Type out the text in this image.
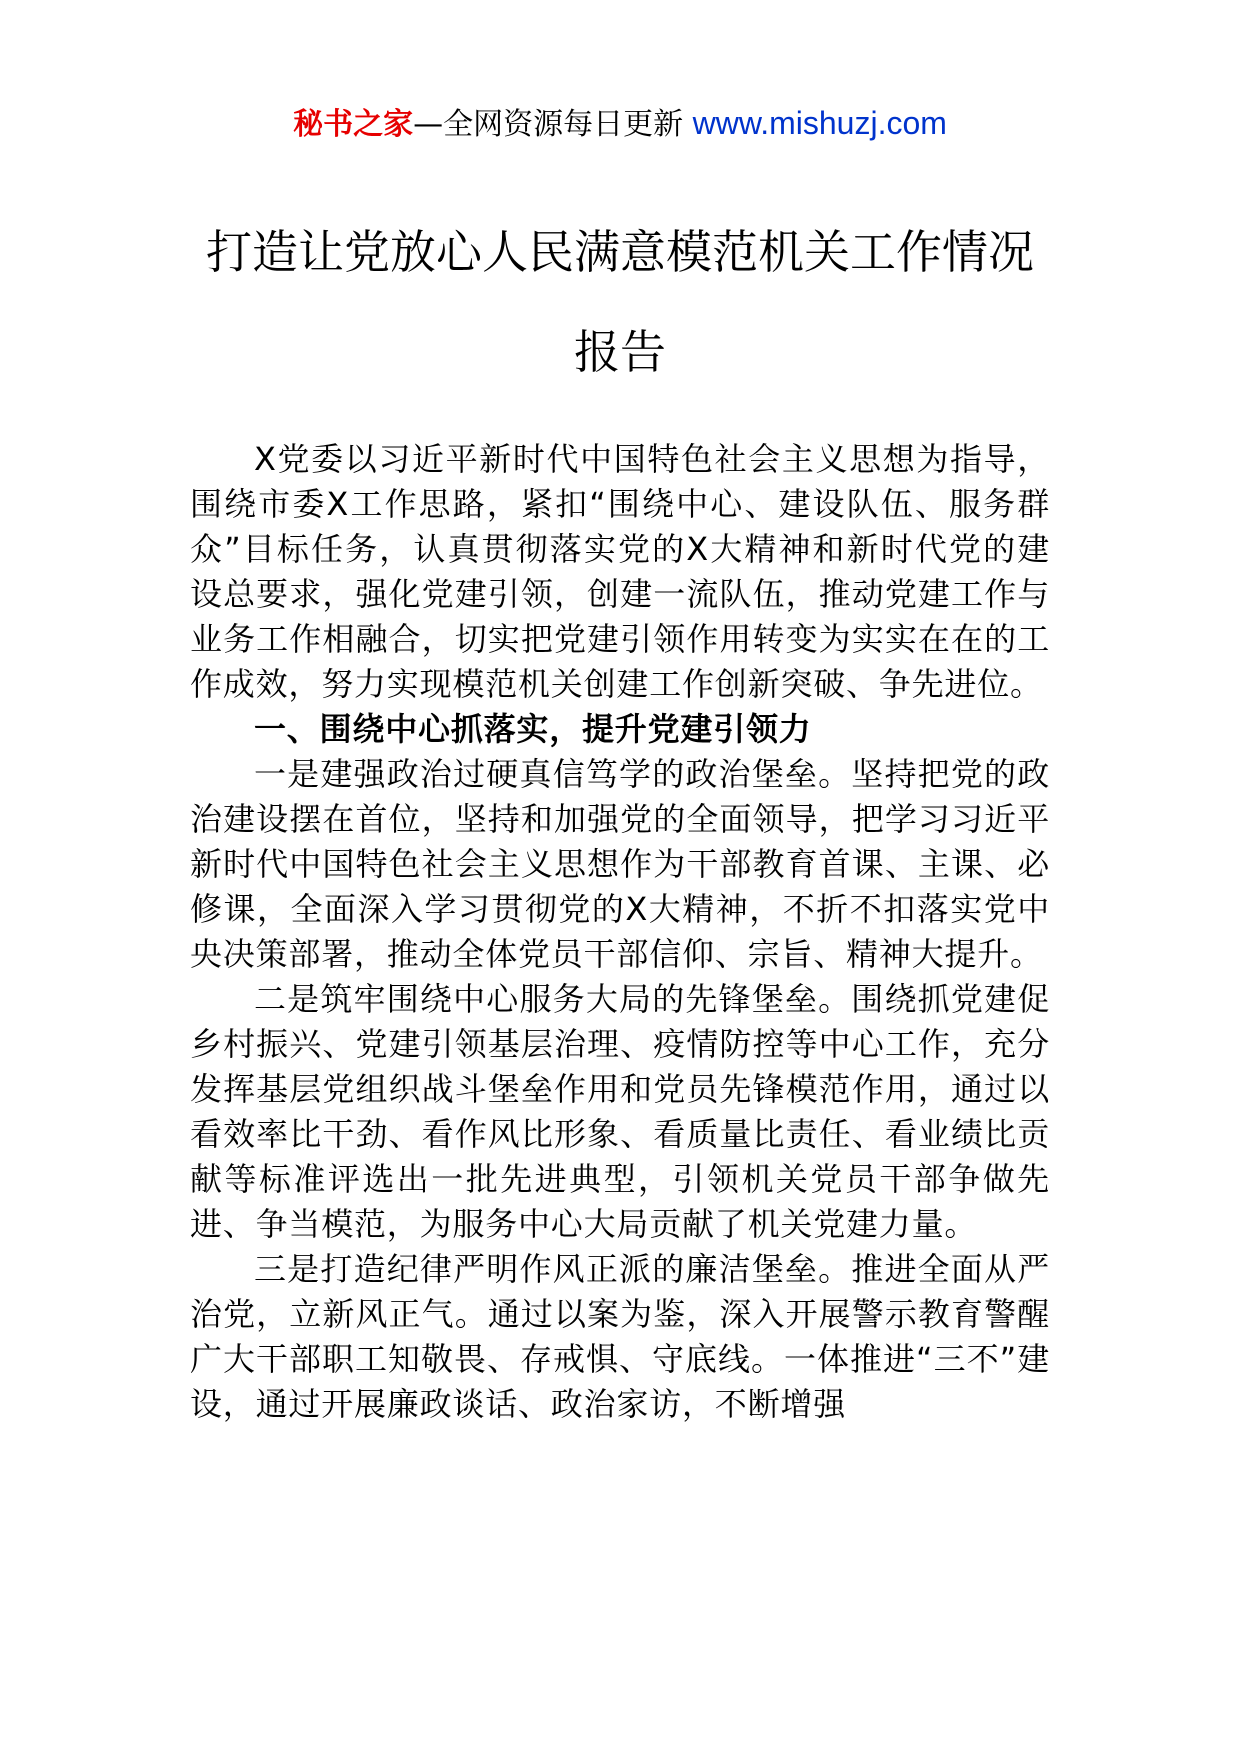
秘书之家—全网资源每日更新 www.mishuzj.com

打造让党放心人民满意模范机关工作情况

报告

X党委以习近平新时代中国特色社会主义思想为指导，围绕市委X工作思路，紧扣“围绕中心、建设队伍、服务群众”目标任务，认真贯彻落实党的X大精神和新时代党的建设总要求，强化党建引领，创建一流队伍，推动党建工作与业务工作相融合，切实把党建引领作用转变为实实在在的工作成效，努力实现模范机关创建工作创新突破、争先进位。

一、围绕中心抓落实，提升党建引领力

一是建强政治过硬真信笃学的政治堡垒。坚持把党的政治建设摆在首位，坚持和加强党的全面领导，把学习习近平新时代中国特色社会主义思想作为干部教育首课、主课、必修课，全面深入学习贯彻党的X大精神，不折不扣落实党中央决策部署，推动全体党员干部信仰、宗旨、精神大提升。

二是筑牢围绕中心服务大局的先锋堡垒。围绕抓党建促乡村振兴、党建引领基层治理、疫情防控等中心工作，充分发挥基层党组织战斗堡垒作用和党员先锋模范作用，通过以看效率比干劲、看作风比形象、看质量比责任、看业绩比贡献等标准评选出一批先进典型，引领机关党员干部争做先进、争当模范，为服务中心大局贡献了机关党建力量。

三是打造纪律严明作风正派的廉洁堡垒。推进全面从严治党，立新风正气。通过以案为鉴，深入开展警示教育警醒广大干部职工知敬畏、存戒惧、守底线。一体推进“三不”建设，通过开展廉政谈话、政治家访，不断增强
